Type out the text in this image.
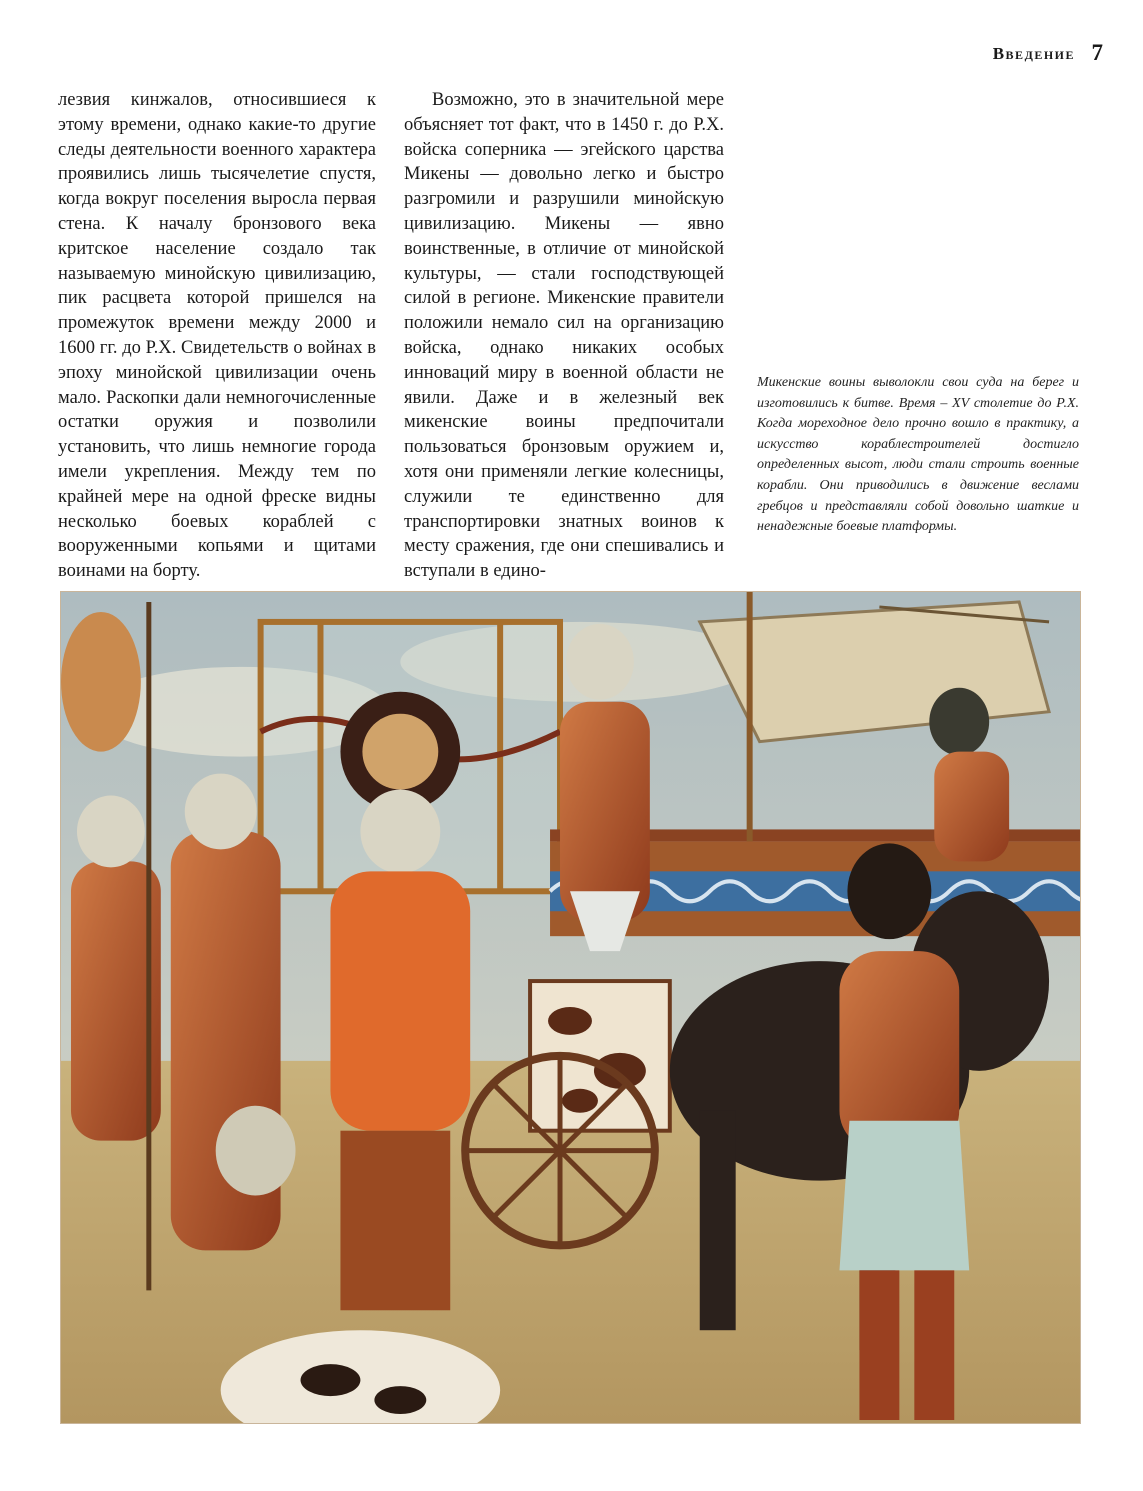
Введение 7

лезвия кинжалов, относившиеся к этому времени, однако какие-то другие следы деятельности военного характера проявились лишь тысячелетие спустя, когда вокруг поселения выросла первая стена. К началу бронзового века критское население создало так называемую минойскую цивилизацию, пик расцвета которой пришелся на промежуток времени между 2000 и 1600 гг. до Р.Х. Свидетельств о войнах в эпоху минойской цивилизации очень мало. Раскопки дали немногочисленные остатки оружия и позволили установить, что лишь немногие города имели укрепления. Между тем по крайней мере на одной фреске видны несколько боевых кораблей с вооруженными копьями и щитами воинами на борту.

Возможно, это в значительной мере объясняет тот факт, что в 1450 г. до Р.Х. войска соперника — эгейского царства Микены — довольно легко и быстро разгромили и разрушили минойскую цивилизацию. Микены — явно воинственные, в отличие от минойской культуры, — стали господствующей силой в регионе. Микенские правители положили немало сил на организацию войска, однако никаких особых инноваций миру в военной области не явили. Даже и в железный век микенские воины предпочитали пользоваться бронзовым оружием и, хотя они применяли легкие колесницы, служили те единственно для транспортировки знатных воинов к месту сражения, где они спешивались и вступали в едино-

Микенские воины выволокли свои суда на берег и изготовились к битве. Время – XV столетие до Р.Х. Когда мореходное дело прочно вошло в практику, а искусство кораблестроителей достигло определенных высот, люди стали строить военные корабли. Они приводились в движение веслами гребцов и представляли собой довольно шаткие и ненадежные боевые платформы.
